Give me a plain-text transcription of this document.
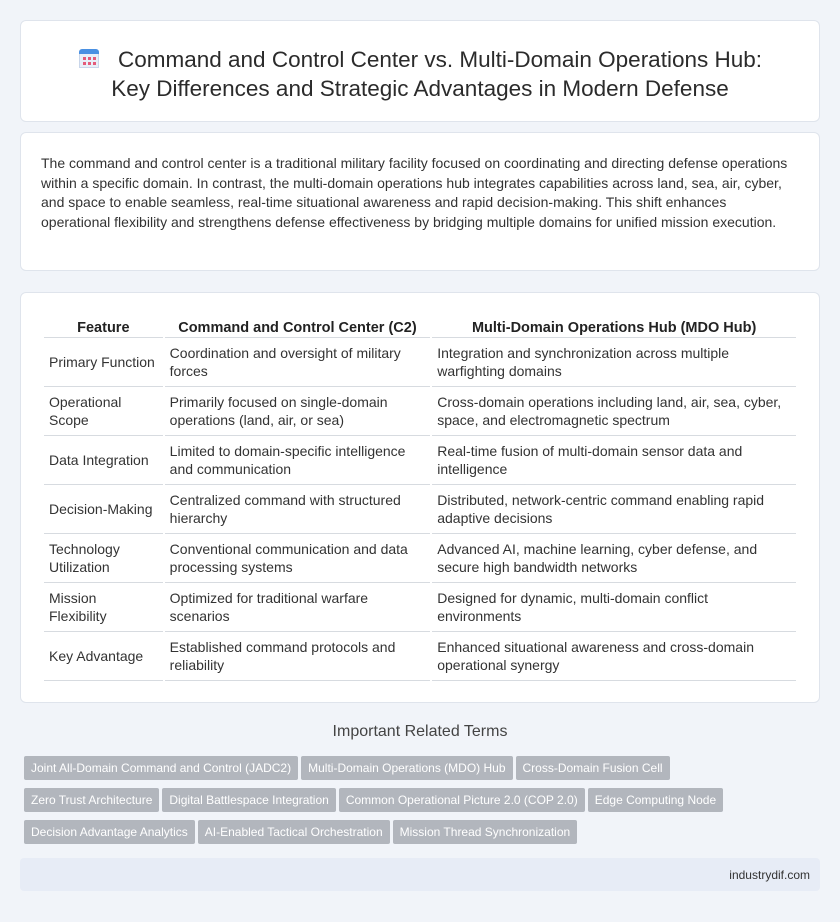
Command and Control Center vs. Multi-Domain Operations Hub:
Key Differences and Strategic Advantages in Modern Defense

The command and control center is a traditional military facility focused on coordinating and directing defense operations within a specific domain. In contrast, the multi-domain operations hub integrates capabilities across land, sea, air, cyber, and space to enable seamless, real-time situational awareness and rapid decision-making. This shift enhances operational flexibility and strengthens defense effectiveness by bridging multiple domains for unified mission execution.

Feature	Command and Control Center (C2)	Multi-Domain Operations Hub (MDO Hub)
Primary Function	Coordination and oversight of military forces	Integration and synchronization across multiple warfighting domains
Operational Scope	Primarily focused on single-domain operations (land, air, or sea)	Cross-domain operations including land, air, sea, cyber, space, and electromagnetic spectrum
Data Integration	Limited to domain-specific intelligence and communication	Real-time fusion of multi-domain sensor data and intelligence
Decision-Making	Centralized command with structured hierarchy	Distributed, network-centric command enabling rapid adaptive decisions
Technology Utilization	Conventional communication and data processing systems	Advanced AI, machine learning, cyber defense, and secure high bandwidth networks
Mission Flexibility	Optimized for traditional warfare scenarios	Designed for dynamic, multi-domain conflict environments
Key Advantage	Established command protocols and reliability	Enhanced situational awareness and cross-domain operational synergy
Important Related Terms
Joint All-Domain Command and Control (JADC2) Multi-Domain Operations (MDO) Hub Cross-Domain Fusion Cell
Zero Trust Architecture Digital Battlespace Integration Common Operational Picture 2.0 (COP 2.0) Edge Computing Node
Decision Advantage Analytics AI-Enabled Tactical Orchestration Mission Thread Synchronization
industrydif.com
